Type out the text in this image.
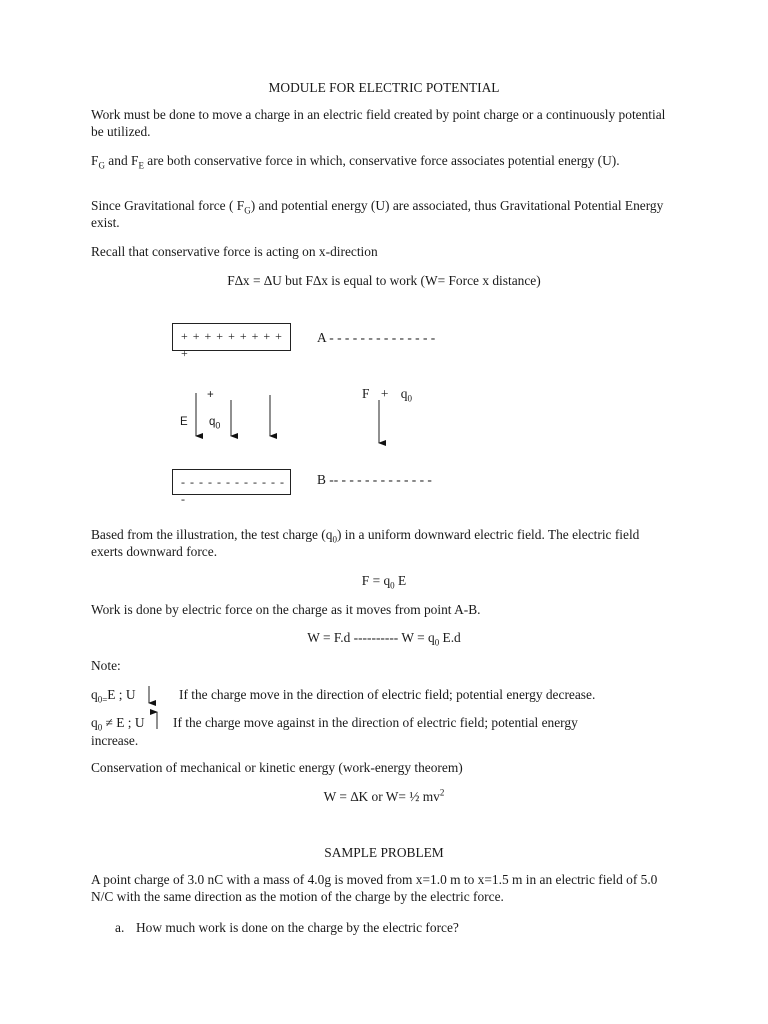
MODULE FOR ELECTRIC POTENTIAL
Work must be done to move a charge in an electric field created by point charge or a continuously potential be utilized.
$F_G$ and $F_E$ are both conservative force in which, conservative force associates potential energy (U).
Since Gravitational force ( $F_G$) and potential energy (U) are associated, thus Gravitational Potential Energy exist.
Recall that conservative force is acting on x-direction
F∆x = ∆U but F∆x is equal to work (W= Force x distance)
+ + + + + + + + + +
A - - - - - - - - - - - - - -
- - - - - - - - - - - - -
B -- - - - - - - - - - - - -
+
E $q_0$
$F + q_0$
Based from the illustration, the test charge $(q_0)$ in a uniform downward electric field. The electric field exerts downward force.
$F = q_0$ E
Work is done by electric force on the charge as it moves from point A-B.
W = F.d ---------- $W = q_0$ E.d
Note:
$q_{0=}E$ ; U	If the charge move in the direction of electric field; potential energy decrease.
$q_0 \ne E$ ; U If the charge move against in the direction of electric field; potential energy
increase.
Conservation of mechanical or kinetic energy (work-energy theorem)
W = ∆K or W= ½ $mv^2$
SAMPLE PROBLEM
A point charge of 3.0 nC with a mass of 4.0g is moved from x=1.0 m to x=1.5 m in an electric field of 5.0 N/C with the same direction as the motion of the charge by the electric force.
a. How much work is done on the charge by the electric force?
